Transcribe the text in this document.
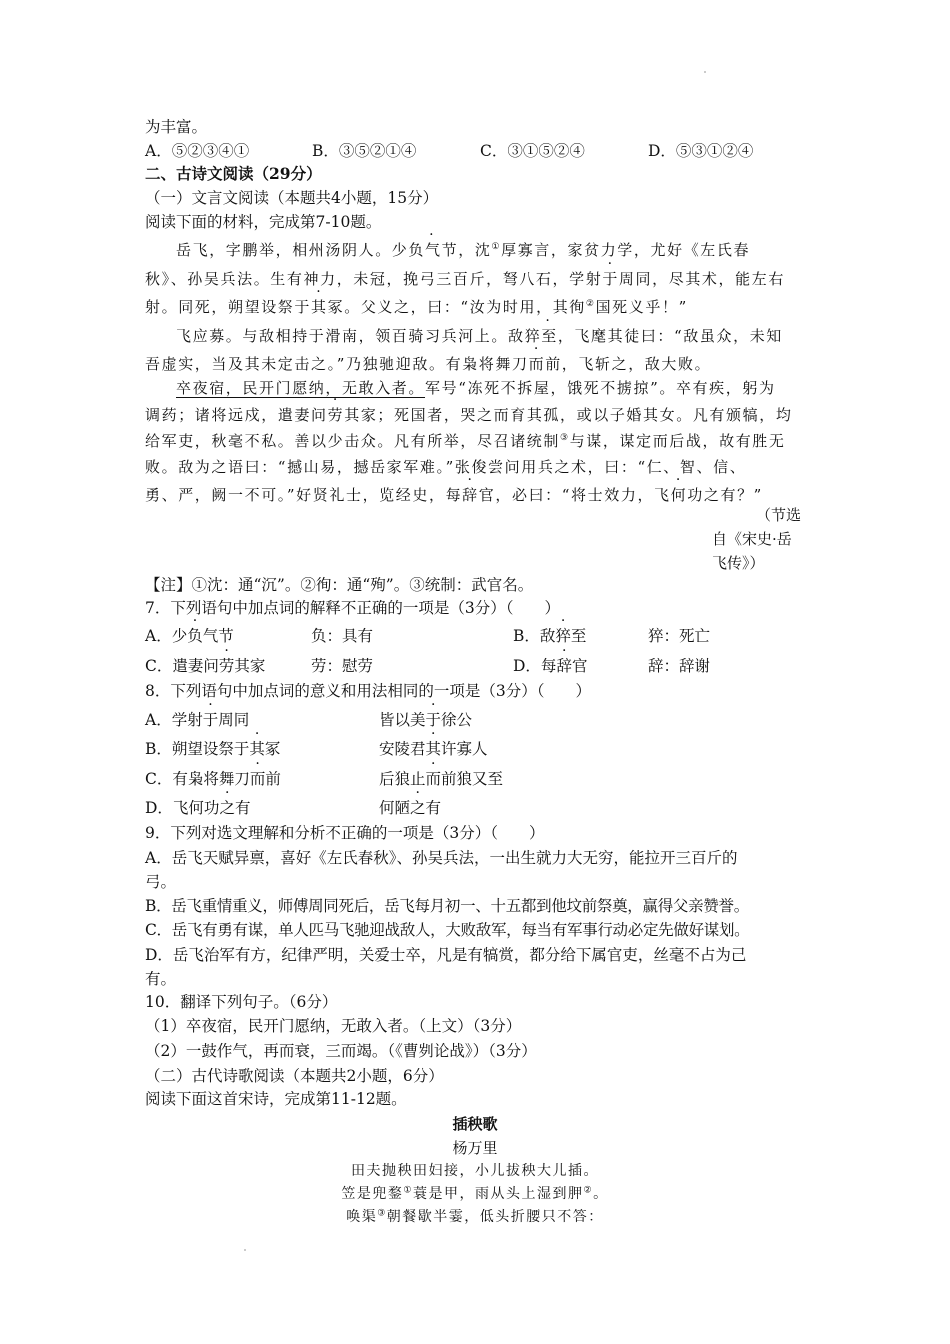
为丰富。
A．⑤②③④①	B．③⑤②①④	C．③①⑤②④	D．⑤③①②④
二、古诗文阅读（29分）
（一）文言文阅读（本题共4小题，15分）
阅读下面的材料，完成第7-10题。
岳飞，字鹏举，相州汤阴人。少负气节，沈①厚寡言，家贫力学，尤好《左氏春
秋》、孙吴兵法。生有神力，未冠，挽弓三百斤，弩八石，学射于周同，尽其术，能左右
射。同死，朔望设祭于其冢。父义之，曰：“汝为时用，其徇②国死义乎！”
飞应募。与敌相持于滑南，领百骑习兵河上。敌猝至，飞麾其徒曰：“敌虽众，未知
吾虚实，当及其未定击之。”乃独驰迎敌。有枭将舞刀而前，飞斩之，敌大败。
卒夜宿，民开门愿纳，无敢入者。军号“冻死不拆屋，饿死不掳掠”。卒有疾，躬为
调药；诸将远戍，遣妻问劳其家；死国者，哭之而育其孤，或以子婚其女。凡有颁犒，均
给军吏，秋毫不私。善以少击众。凡有所举，尽召诸统制③与谋，谋定而后战，故有胜无
败。敌为之语曰：“撼山易，撼岳家军难。”张俊尝问用兵之术，曰：“仁、智、信、
勇、严，阙一不可。”好贤礼士，览经史，每辞官，必曰：“将士效力，飞何功之有？”
（节选
自《宋史·岳
飞传》）
【注】①沈：通“沉”。②徇：通“殉”。③统制：武官名。
7．下列语句中加点词的解释不正确的一项是（3分）（　　）
A．少负气节	负：具有	B．敌猝至	猝：死亡
C．遣妻问劳其家	劳：慰劳	D．每辞官	辞：辞谢
8．下列语句中加点词的意义和用法相同的一项是（3分）（　　）
A．学射于周同	皆以美于徐公
B．朔望设祭于其冢	安陵君其许寡人
C．有枭将舞刀而前	后狼止而前狼又至
D．飞何功之有	何陋之有
9．下列对选文理解和分析不正确的一项是（3分）（　　）
A．岳飞天赋异禀，喜好《左氏春秋》、孙吴兵法，一出生就力大无穷，能拉开三百斤的
弓。
B．岳飞重情重义，师傅周同死后，岳飞每月初一、十五都到他坟前祭奠，赢得父亲赞誉。
C．岳飞有勇有谋，单人匹马飞驰迎战敌人，大败敌军，每当有军事行动必定先做好谋划。
D．岳飞治军有方，纪律严明，关爱士卒，凡是有犒赏，都分给下属官吏，丝毫不占为己
有。
10．翻译下列句子。（6分）
（1）卒夜宿，民开门愿纳，无敢入者。（上文）（3分）
（2）一鼓作气，再而衰，三而竭。（《曹刿论战》）（3分）
（二）古代诗歌阅读（本题共2小题，6分）
阅读下面这首宋诗，完成第11-12题。
插秧歌
杨万里
田夫抛秧田妇接，小儿拔秧大儿插。
笠是兜鍪①蓑是甲，雨从头上湿到胛②。
唤渠③朝餐歇半霎，低头折腰只不答：
